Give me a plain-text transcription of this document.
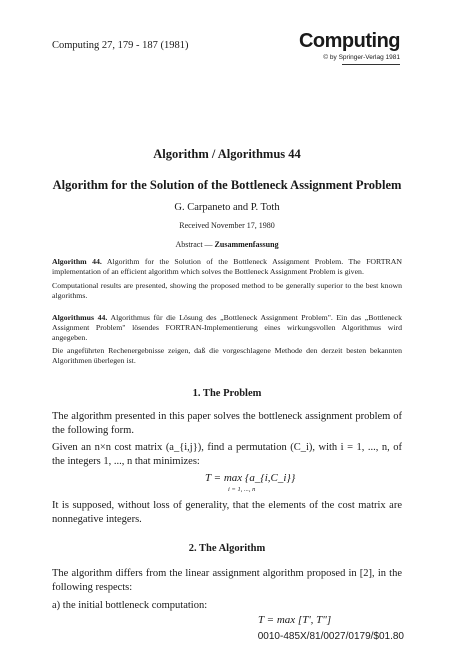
Computing 27, 179 - 187 (1981)	Computing
© by Springer-Verlag 1981
Algorithm / Algorithmus 44
Algorithm for the Solution of the Bottleneck Assignment Problem
G. Carpaneto and P. Toth
Received November 17, 1980
Abstract — Zusammenfassung
Algorithm 44. Algorithm for the Solution of the Bottleneck Assignment Problem. The FORTRAN implementation of an efficient algorithm which solves the Bottleneck Assignment Problem is given.
Computational results are presented, showing the proposed method to be generally superior to the best known algorithms.
Algorithmus 44. Algorithmus für die Lösung des „Bottleneck Assignment Problem". Ein das „Bottleneck Assignment Problem" lösendes FORTRAN-Implementierung eines wirkungsvollen Algorithmus wird angegeben.
Die angeführten Rechenergebnisse zeigen, daß die vorgeschlagene Methode den derzeit besten bekannten Algorithmen überlegen ist.
1. The Problem
The algorithm presented in this paper solves the bottleneck assignment problem of the following form.
Given an n×n cost matrix (a_{i,j}), find a permutation (C_i), with i = 1, ..., n, of the integers 1, ..., n that minimizes:
T = max {a_{i,C_i}}
i = 1, ..., n
It is supposed, without loss of generality, that the elements of the cost matrix are nonnegative integers.
2. The Algorithm
The algorithm differs from the linear assignment algorithm proposed in [2], in the following respects:
a) the initial bottleneck computation:
T = max [T', T"]
0010-485X/81/0027/0179/$01.80
